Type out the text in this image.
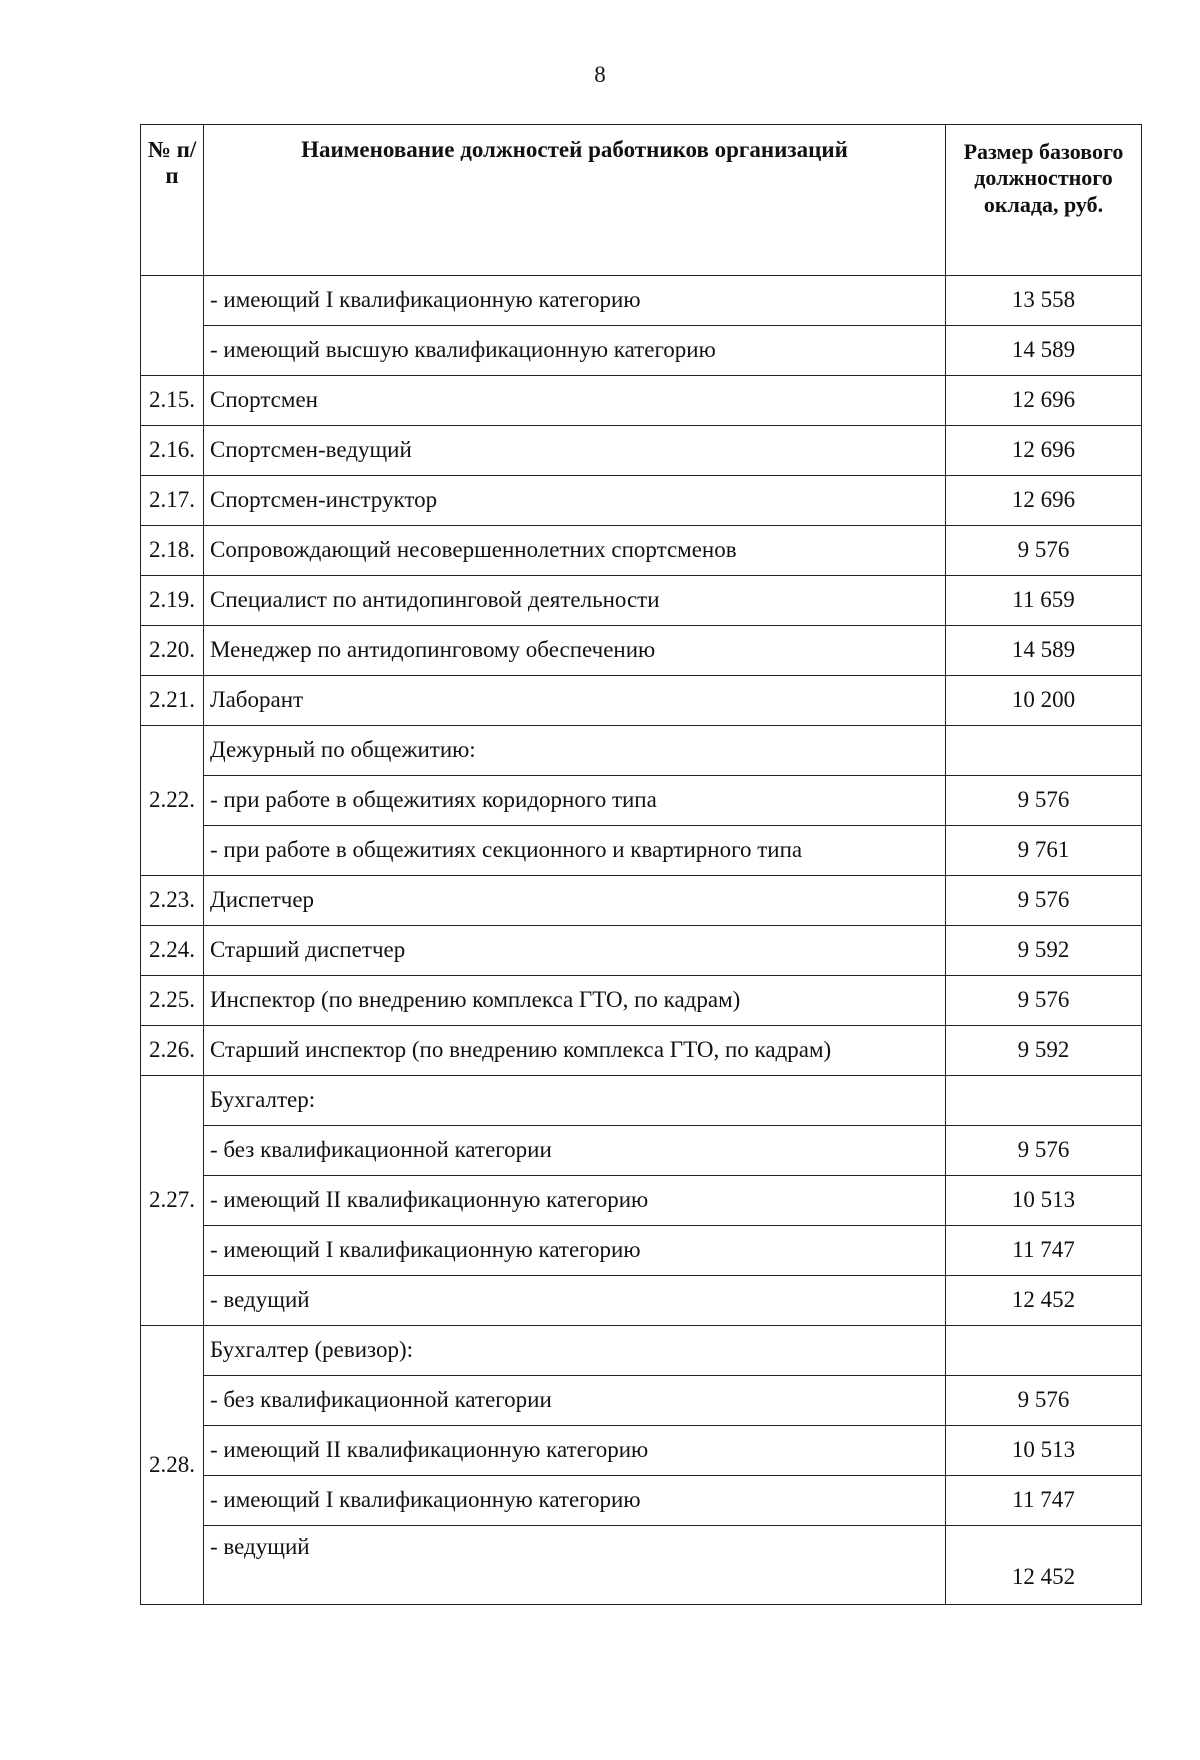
8
№ п/п	Наименование должностей работников организаций	Размер базового должностного оклада, руб.
	- имеющий I квалификационную категорию	13 558
	- имеющий высшую квалификационную категорию	14 589
2.15.	Спортсмен	12 696
2.16.	Спортсмен-ведущий	12 696
2.17.	Спортсмен-инструктор	12 696
2.18.	Сопровождающий несовершеннолетних спортсменов	9 576
2.19.	Специалист по антидопинговой деятельности	11 659
2.20.	Менеджер по антидопинговому обеспечению	14 589
2.21.	Лаборант	10 200
2.22.	Дежурный по общежитию:	
	- при работе в общежитиях коридорного типа	9 576
	- при работе в общежитиях секционного и квартирного типа	9 761
2.23.	Диспетчер	9 576
2.24.	Старший диспетчер	9 592
2.25.	Инспектор (по внедрению комплекса ГТО, по кадрам)	9 576
2.26.	Старший инспектор (по внедрению комплекса ГТО, по кадрам)	9 592
2.27.	Бухгалтер:	
	- без квалификационной категории	9 576
	- имеющий II квалификационную категорию	10 513
	- имеющий I квалификационную категорию	11 747
	- ведущий	12 452
2.28.	Бухгалтер (ревизор):	
	- без квалификационной категории	9 576
	- имеющий II квалификационную категорию	10 513
	- имеющий I квалификационную категорию	11 747
	- ведущий	12 452
